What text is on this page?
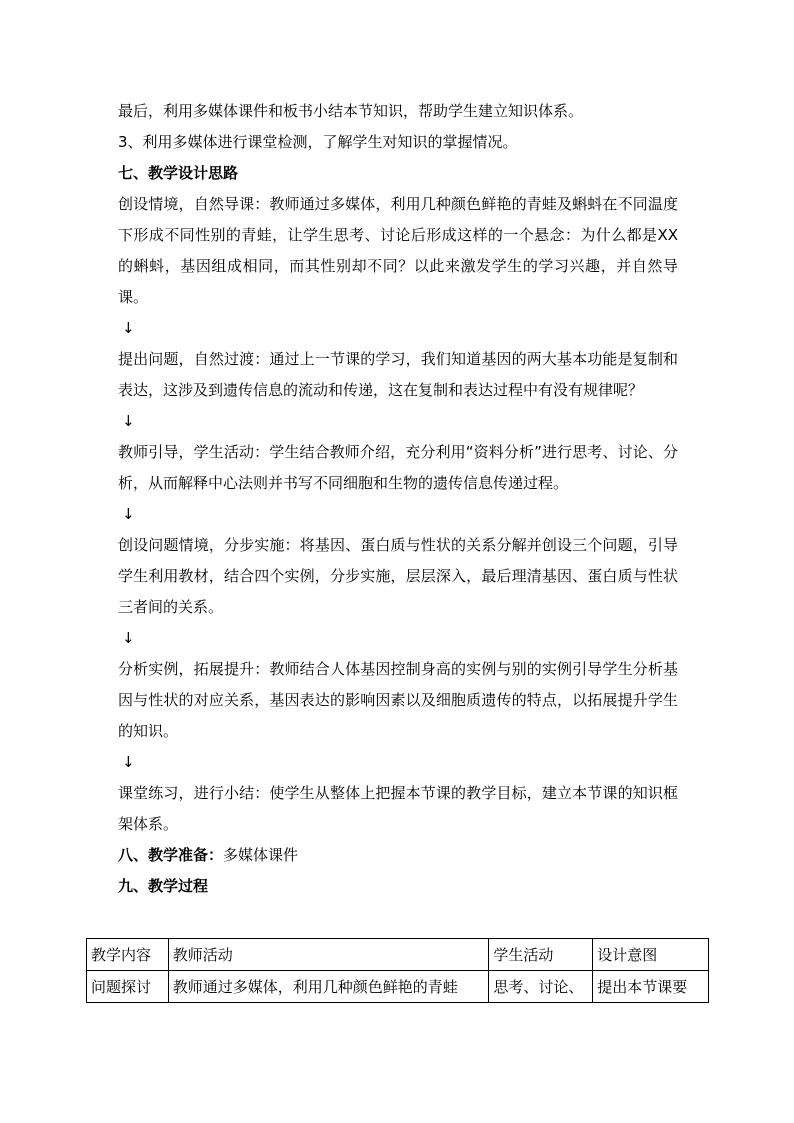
最后，利用多媒体课件和板书小结本节知识，帮助学生建立知识体系。

3、利用多媒体进行课堂检测，了解学生对知识的掌握情况。

七、教学设计思路

创设情境，自然导课：教师通过多媒体，利用几种颜色鲜艳的青蛙及蝌蚪在不同温度下形成不同性别的青蛙，让学生思考、讨论后形成这样的一个悬念：为什么都是XX的蝌蚪，基因组成相同，而其性别却不同？以此来激发学生的学习兴趣，并自然导课。

↓

提出问题，自然过渡：通过上一节课的学习，我们知道基因的两大基本功能是复制和表达，这涉及到遗传信息的流动和传递，这在复制和表达过程中有没有规律呢？

↓

教师引导，学生活动：学生结合教师介绍，充分利用“资料分析”进行思考、讨论、分析，从而解释中心法则并书写不同细胞和生物的遗传信息传递过程。

↓

创设问题情境，分步实施：将基因、蛋白质与性状的关系分解并创设三个问题，引导学生利用教材，结合四个实例，分步实施，层层深入，最后理清基因、蛋白质与性状三者间的关系。

↓

分析实例，拓展提升：教师结合人体基因控制身高的实例与别的实例引导学生分析基因与性状的对应关系，基因表达的影响因素以及细胞质遗传的特点，以拓展提升学生的知识。

↓

课堂练习，进行小结：使学生从整体上把握本节课的教学目标，建立本节课的知识框架体系。

八、教学准备：多媒体课件

九、教学过程

教学内容	教师活动	学生活动	设计意图
问题探讨	教师通过多媒体，利用几种颜色鲜艳的青蛙	思考、讨论、	提出本节课要
